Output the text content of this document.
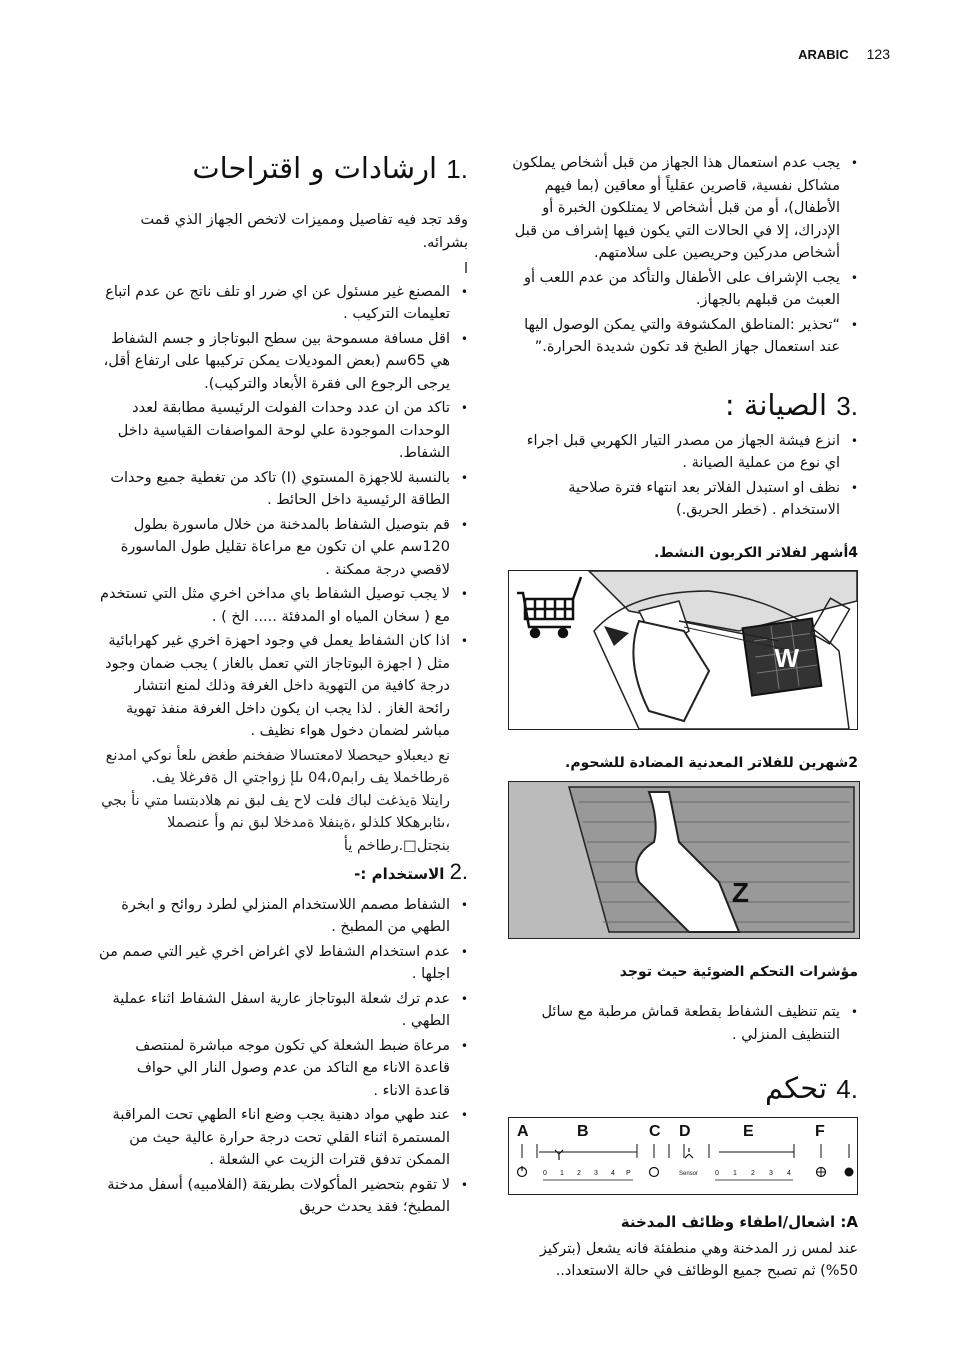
ARABIC 123
.1 ارشادات و اقتراحات

وقد تجد فيه تفاصيل ومميزات لاتخص الجهاز الذي قمت بشرائه.

ا

• المصنع غير مسئول عن اي ضرر او تلف ناتج عن عدم اتباع تعليمات التركيب .
• اقل مسافة مسموحة بين سطح البوتاجاز و جسم الشفاط هي 65سم (بعض الموديلات يمكن تركيبها على ارتفاع أقل، يرجى الرجوع الى فقرة الأبعاد والتركيب).
• تاكد من ان عدد وحدات الفولت الرئيسية مطابقة لعدد الوحدات الموجودة علي لوحة المواصفات القياسية داخل الشفاط.
• بالنسبة للاجهزة المستوي (I) تاكد من تغطية جميع وحدات الطاقة الرئيسية داخل الحائط .
• قم بتوصيل الشفاط بالمدخنة من خلال ماسورة بطول 120سم علي ان تكون مع مراعاة تقليل طول الماسورة لاقصي درجة ممكنة .
• لا يجب توصيل الشفاط باي مداخن اخري مثل التي تستخدم مع ( سخان المياه او المدفئة ..... الخ ) .
• اذا كان الشفاط يعمل في وجود احهزة اخري غير كهرابائية مثل ( اجهزة البوتاجاز التي تعمل بالغاز ) يجب ضمان وجود درجة كافية من التهوية داخل الغرفة وذلك لمنع انتشار رائحة الغاز . لذا يجب ان يكون داخل الغرفة منفذ تهوية مباشر لضمان دخول هواء نظيف .

نع ديعبلاو حيحصلا لامعتسالا ضفخنم طغض ىلعأ نوكي امدنع ةرطاخملا يف رابم04،0 ىلإ زواجتي ال ةفرغلا يف.

رايتلا ةيذغت لباك فلت لاح يف لبق نم هلادبتسا متي نأ بجي ،ىئابرهكلا كلذلو ،ةينفلا ةمدخلا لبق نم وأ عنصملا بنجتل□.رطاخم يأ

.2 الاستخدام :-
• الشفاط مصمم اللاستخدام المنزلي لطرد روائح و ابخرة الطهي من المطبخ .
• عدم استخدام الشفاط لاي اغراض اخري غير التي صمم من اجلها .
• عدم ترك شعلة البوتاجاز عارية اسفل الشفاط اثناء عملية الطهي .
• مرعاة ضبط الشعلة كي تكون موجه مباشرة لمنتصف قاعدة الاناء مع التاكد من عدم وصول النار الي حواف قاعدة الاناء .
• عند طهي مواد دهنية يجب وضع اناء الطهي تحت المراقبة المستمرة اثناء القلي تحت درجة حرارة عالية حيث من الممكن تدفق قترات الزيت عي الشعلة .
• لا تقوم بتحضير المأكولات بطريقة (الفلامبيه) أسفل مدخنة المطبخ؛ فقد يحدث حريق
• يجب عدم استعمال هذا الجهاز من قبل أشخاص يملكون مشاكل نفسية، قاصرين عقلياً أو معاقين (بما فيهم الأطفال)، أو من قبل أشخاص لا يمتلكون الخبرة أو الإدراك، إلا في الحالات التي يكون فيها إشراف من قبل أشخاص مدركين وحريصين على سلامتهم.
• يجب الإشراف على الأطفال والتأكد من عدم اللعب أو العبث من قبلهم بالجهاز.
• “تحذير :المناطق المكشوفة والتي يمكن الوصول اليها عند استعمال جهاز الطبخ قد تكون شديدة الحرارة.”
.3 الصيانة :
• انزع فيشة الجهاز من مصدر التيار الكهربي قبل اجراء اي نوع من عملية الصيانة .
• نظف او استبدل الفلاتر بعد انتهاء فترة صلاحية الاستخدام . (خطر الحريق.)

4أشهر لفلاتر الكربون النشط.

W

2شهرين للفلاتر المعدنية المضادة للشحوم.

Z

مؤشرات التحكم الضوئية حيث توجد

• يتم تنظيف الشفاط بقطعة قماش مرطبة مع سائل التنظيف المنزلي .
.4 تحكم
A	B	C D	E	F
0 1 2 3 4 P	Sensor 0 1 2 3 4

A: اشعال/اطفاء وظائف المدخنة

عند لمس زر المدخنة وهي منطفئة فانه يشعل (بتركيز 50%) ثم تصبح جميع الوظائف في حالة الاستعداد..
